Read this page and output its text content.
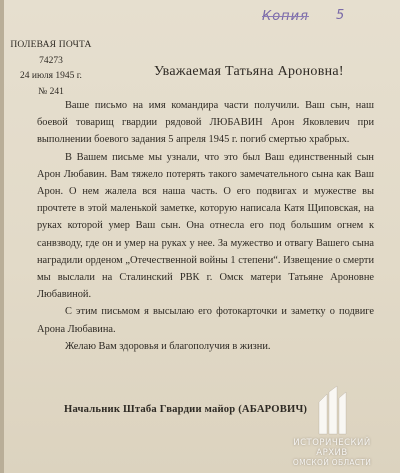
Копия 5
ПОЛЕВАЯ ПОЧТА
74273
24 июля 1945 г.
№ 241
Уважаемая Татьяна Ароновна!

Ваше письмо на имя командира части получили. Ваш сын, наш боевой товарищ гвардии рядовой ЛЮБАВИН Арон Яковлевич при выполнении боевого задания 5 апреля 1945 г. погиб смертью храбрых.

В Вашем письме мы узнали, что это был Ваш единственный сын Арон Любавин. Вам тяжело потерять такого замечательного сына как Ваш Арон. О нем жалела вся наша часть. О его подвигах и мужестве вы прочтете в этой маленькой заметке, которую написала Катя Щиповская, на руках которой умер Ваш сын. Она отнесла его под большим огнем к санвзводу, где он и умер на руках у нее. За мужество и отвагу Вашего сына наградили орденом „Отечественной войны 1 степени“. Извещение о смерти мы выслали на Сталинский РВК г. Омск матери Татьяне Ароновне Любавиной.

С этим письмом я высылаю его фотокарточки и заметку о подвиге Арона Любавина.

Желаю Вам здоровья и благополучия в жизни.

Начальник Штаба Гвардии майор (АБАРОВИЧ)
ИСТОРИЧЕСКИЙ
АРХИВ
ОМСКОЙ ОБЛАСТИ
